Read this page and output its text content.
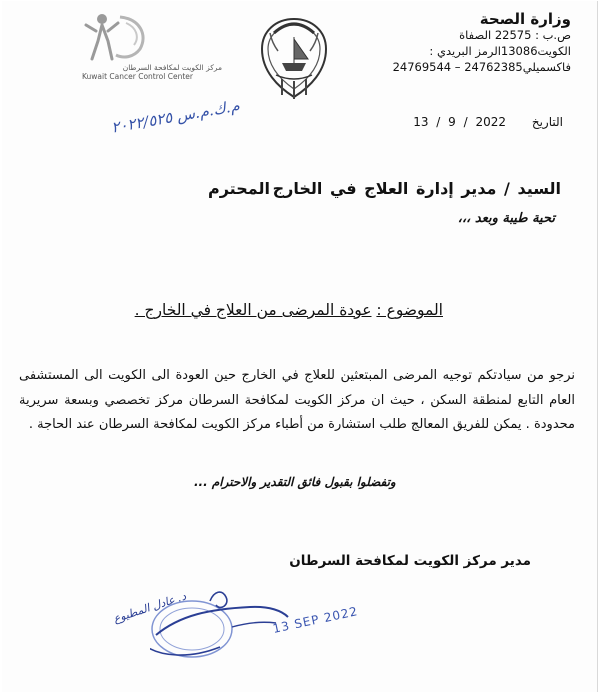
وزارة الصحة
ص.ب : 22575 الصفاة
الكويت13086الرمز البريدي :
فاكسميلي24762385 – 24769544
مركز الكويت لمكافحة السرطان
Kuwait Cancer Control Center
التاريخ 13 / 9 / 2022
م.ك.م.س ٢٠٢٢/٥٢٥
السيد / مدير إدارة العلاج في الخارج
المحترم
تحية طيبة وبعد ،،،
الموضوع : عودة المرضى من العلاج في الخارج .
نرجو من سيادتكم توجيه المرضى المبتعثين للعلاج في الخارج حين العودة الى الكويت الى المستشفى العام التابع لمنطقة السكن ، حيث ان مركز الكويت لمكافحة السرطان مركز تخصصي وبسعة سريرية محدودة . يمكن للفريق المعالج طلب استشارة من أطباء مركز الكويت لمكافحة السرطان عند الحاجة .
وتفضلوا بقبول فائق التقدير والاحترام ...
مدير مركز الكويت لمكافحة السرطان
د. عادل المطيوع	13 SEP 2022
